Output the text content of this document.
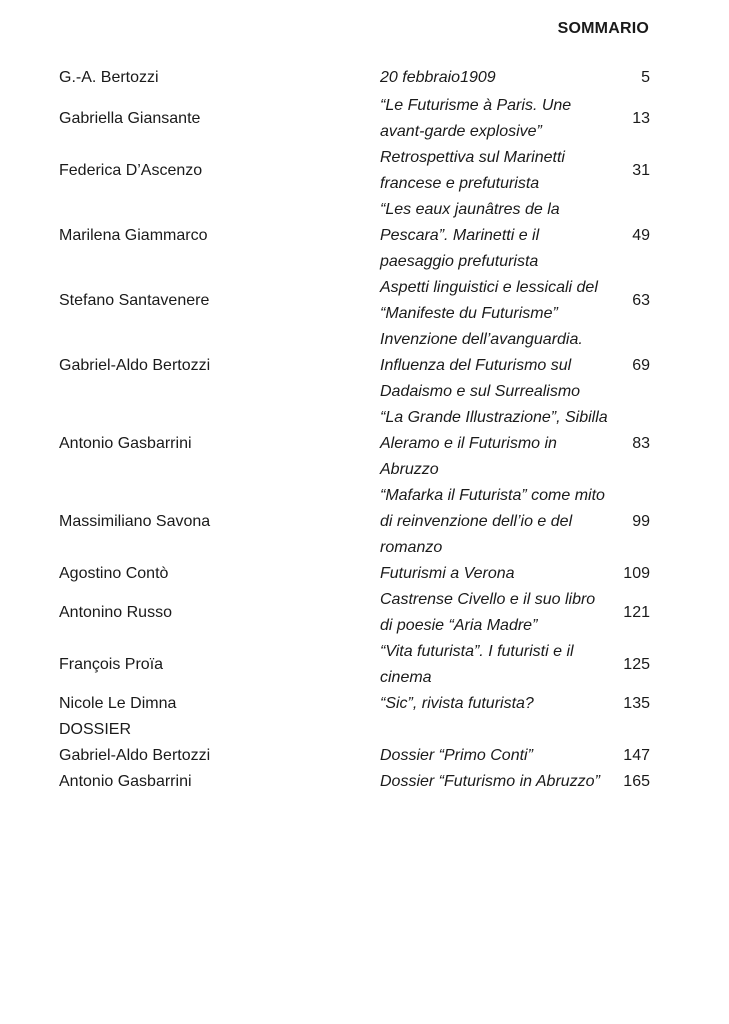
SOMMARIO
G.-A. Bertozzi	20 febbraio1909	5
Gabriella Giansante	“Le Futurisme à Paris. Une avant-garde explosive”	13
Federica D’Ascenzo	Retrospettiva sul Marinetti francese e prefuturista	31
Marilena Giammarco	“Les eaux jaunâtres de la Pescara”. Marinetti e il paesaggio prefuturista	49
Stefano Santavenere	Aspetti linguistici e lessicali del “Manifeste du Futurisme”	63
Gabriel-Aldo Bertozzi	Invenzione dell’avanguardia. Influenza del Futurismo sul Dadaismo e sul Surrealismo	69
Antonio Gasbarrini	“La Grande Illustrazione”, Sibilla Aleramo e il Futurismo in Abruzzo	83
Massimiliano Savona	“Mafarka il Futurista” come mito di reinvenzione dell’io e del romanzo	99
Agostino Contò	Futurismi a Verona	109
Antonino Russo	Castrense Civello e il suo libro di poesie “Aria Madre”	121
François Proïa	“Vita futurista”. I futuristi e il cinema	125
Nicole Le Dimna	“Sic”, rivista futurista?	135
DOSSIER		
Gabriel-Aldo Bertozzi	Dossier “Primo Conti”	147
Antonio Gasbarrini	Dossier “Futurismo in Abruzzo”	165
